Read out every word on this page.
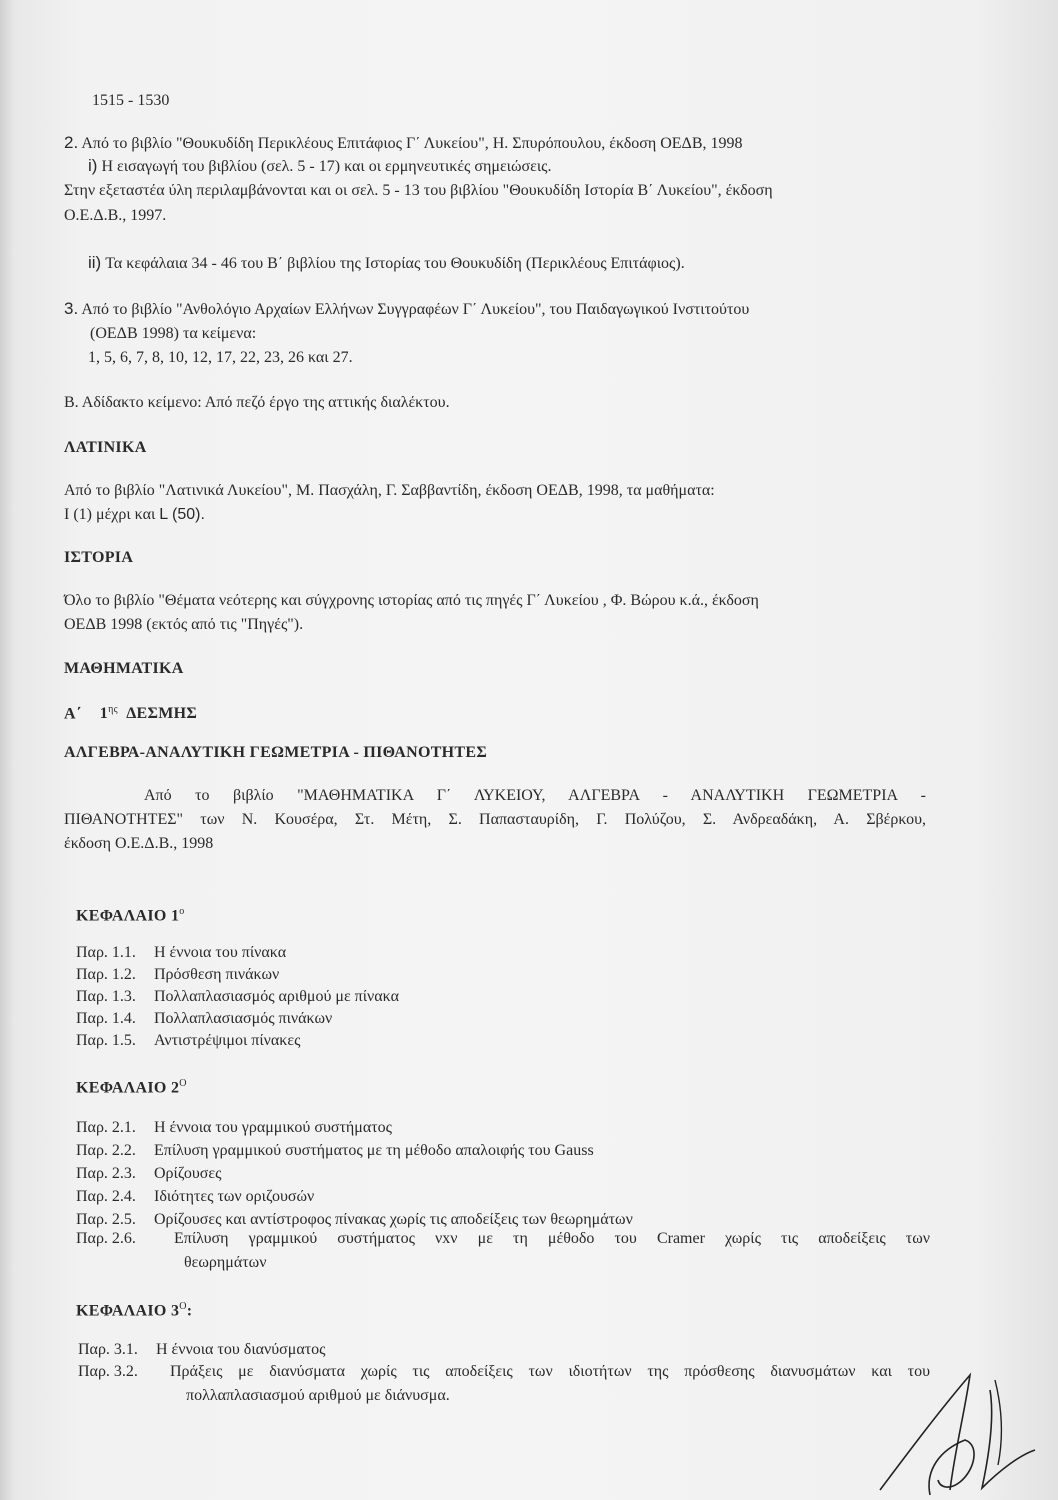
1515 - 1530
2. Από το βιβλίο "Θουκυδίδη Περικλέους Επιτάφιος Γ΄ Λυκείου", Η. Σπυρόπουλου, έκδοση ΟΕΔΒ, 1998
i) Η εισαγωγή του βιβλίου (σελ. 5 - 17) και οι ερμηνευτικές σημειώσεις.
Στην εξεταστέα ύλη περιλαμβάνονται και οι σελ. 5 - 13 του βιβλίου "Θουκυδίδη Ιστορία Β΄ Λυκείου", έκδοση
Ο.Ε.Δ.Β., 1997.
ii) Τα κεφάλαια 34 - 46 του Β΄ βιβλίου της Ιστορίας του Θουκυδίδη (Περικλέους Επιτάφιος).
3. Από το βιβλίο "Ανθολόγιο Αρχαίων Ελλήνων Συγγραφέων Γ΄ Λυκείου", του Παιδαγωγικού Ινστιτούτου
(ΟΕΔΒ 1998) τα κείμενα:
1, 5, 6, 7, 8, 10, 12, 17, 22, 23, 26 και 27.
Β. Αδίδακτο κείμενο: Από πεζό έργο της αττικής διαλέκτου.
ΛΑΤΙΝΙΚΑ
Από το βιβλίο "Λατινικά Λυκείου", Μ. Πασχάλη, Γ. Σαββαντίδη, έκδοση ΟΕΔΒ, 1998, τα μαθήματα:
I (1) μέχρι και L (50).
ΙΣΤΟΡΙΑ
Όλο το βιβλίο "Θέματα νεότερης και σύγχρονης ιστορίας από τις πηγές Γ΄ Λυκείου , Φ. Βώρου κ.ά., έκδοση
ΟΕΔΒ 1998 (εκτός από τις "Πηγές").
ΜΑΘΗΜΑΤΙΚΑ
Α΄ $1^{\eta\varsigma}$ ΔΕΣΜΗΣ
ΑΛΓΕΒΡΑ-ΑΝΑΛΥΤΙΚΗ ΓΕΩΜΕΤΡΙΑ - ΠΙΘΑΝΟΤΗΤΕΣ
Από το βιβλίο "ΜΑΘΗΜΑΤΙΚΑ Γ΄ ΛΥΚΕΙΟΥ, ΑΛΓΕΒΡΑ - ΑΝΑΛΥΤΙΚΗ ΓΕΩΜΕΤΡΙΑ -
ΠΙΘΑΝΟΤΗΤΕΣ" των Ν. Κουσέρα, Στ. Μέτη, Σ. Παπασταυρίδη, Γ. Πολύζου, Σ. Ανδρεαδάκη, Α. Σβέρκου,
έκδοση Ο.Ε.Δ.Β., 1998
ΚΕΦΑΛΑΙΟ $1^o$
Παρ. 1.1. Η έννοια του πίνακα
Παρ. 1.2. Πρόσθεση πινάκων
Παρ. 1.3. Πολλαπλασιασμός αριθμού με πίνακα
Παρ. 1.4. Πολλαπλασιασμός πινάκων
Παρ. 1.5. Αντιστρέψιμοι πίνακες
ΚΕΦΑΛΑΙΟ $2^O$
Παρ. 2.1. Η έννοια του γραμμικού συστήματος
Παρ. 2.2. Επίλυση γραμμικού συστήματος με τη μέθοδο απαλοιφής του Gauss
Παρ. 2.3. Ορίζουσες
Παρ. 2.4. Ιδιότητες των οριζουσών
Παρ. 2.5. Ορίζουσες και αντίστροφος πίνακας χωρίς τις αποδείξεις των θεωρημάτων
Παρ. 2.6.	Επίλυση γραμμικού συστήματος νxν με τη μέθοδο του Cramer χωρίς τις αποδείξεις των
θεωρημάτων
ΚΕΦΑΛΑΙΟ $3^O$:
Παρ. 3.1. Η έννοια του διανύσματος
Παρ. 3.2.	Πράξεις με διανύσματα χωρίς τις αποδείξεις των ιδιοτήτων της πρόσθεσης διανυσμάτων και του
πολλαπλασιασμού αριθμού με διάνυσμα.
